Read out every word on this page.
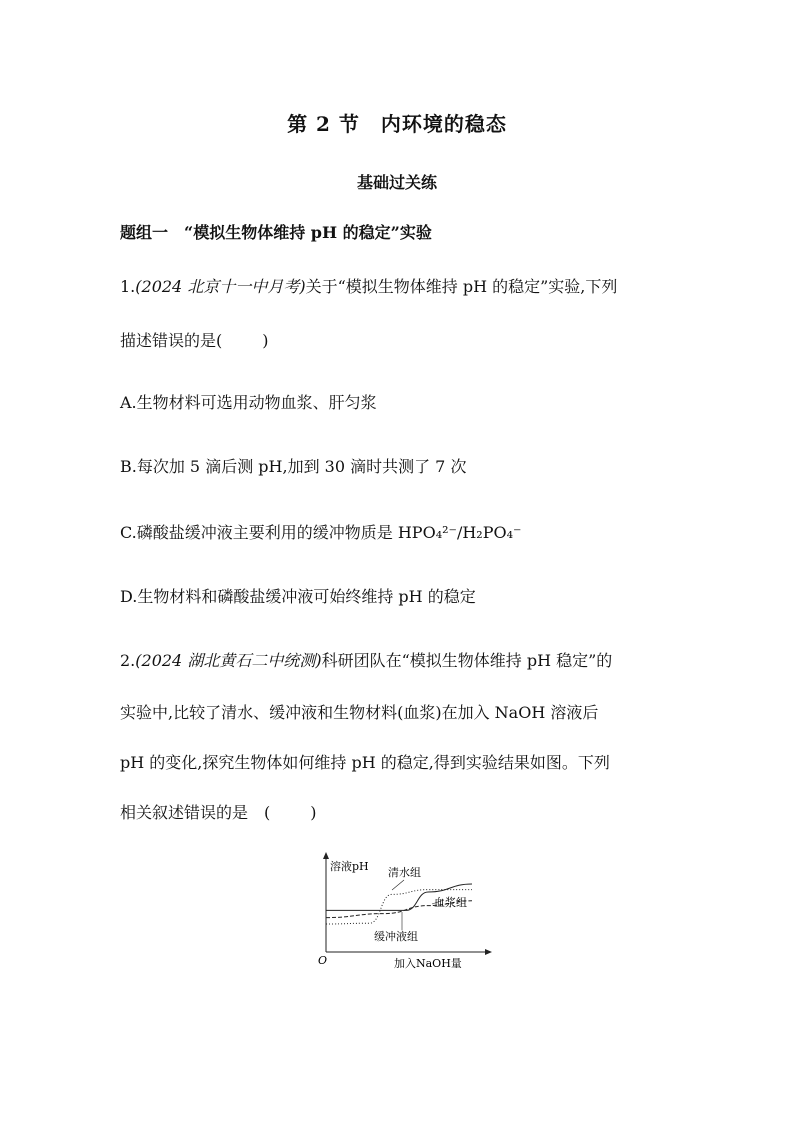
第 2 节　内环境的稳态
基础过关练
题组一　“模拟生物体维持 pH 的稳定”实验
1.(2024 北京十一中月考)关于“模拟生物体维持 pH 的稳定”实验,下列
描述错误的是(	)
A.生物材料可选用动物血浆、肝匀浆
B.每次加 5 滴后测 pH,加到 30 滴时共测了 7 次
C.磷酸盐缓冲液主要利用的缓冲物质是 HPO₄²⁻/H₂PO₄⁻
D.生物材料和磷酸盐缓冲液可始终维持 pH 的稳定
2.(2024 湖北黄石二中统测)科研团队在“模拟生物体维持 pH 稳定”的
实验中,比较了清水、缓冲液和生物材料(血浆)在加入 NaOH 溶液后
pH 的变化,探究生物体如何维持 pH 的稳定,得到实验结果如图。下列
相关叙述错误的是 (	)
溶液pH
加入NaOH量
O
清水组
血浆组
缓冲液组
